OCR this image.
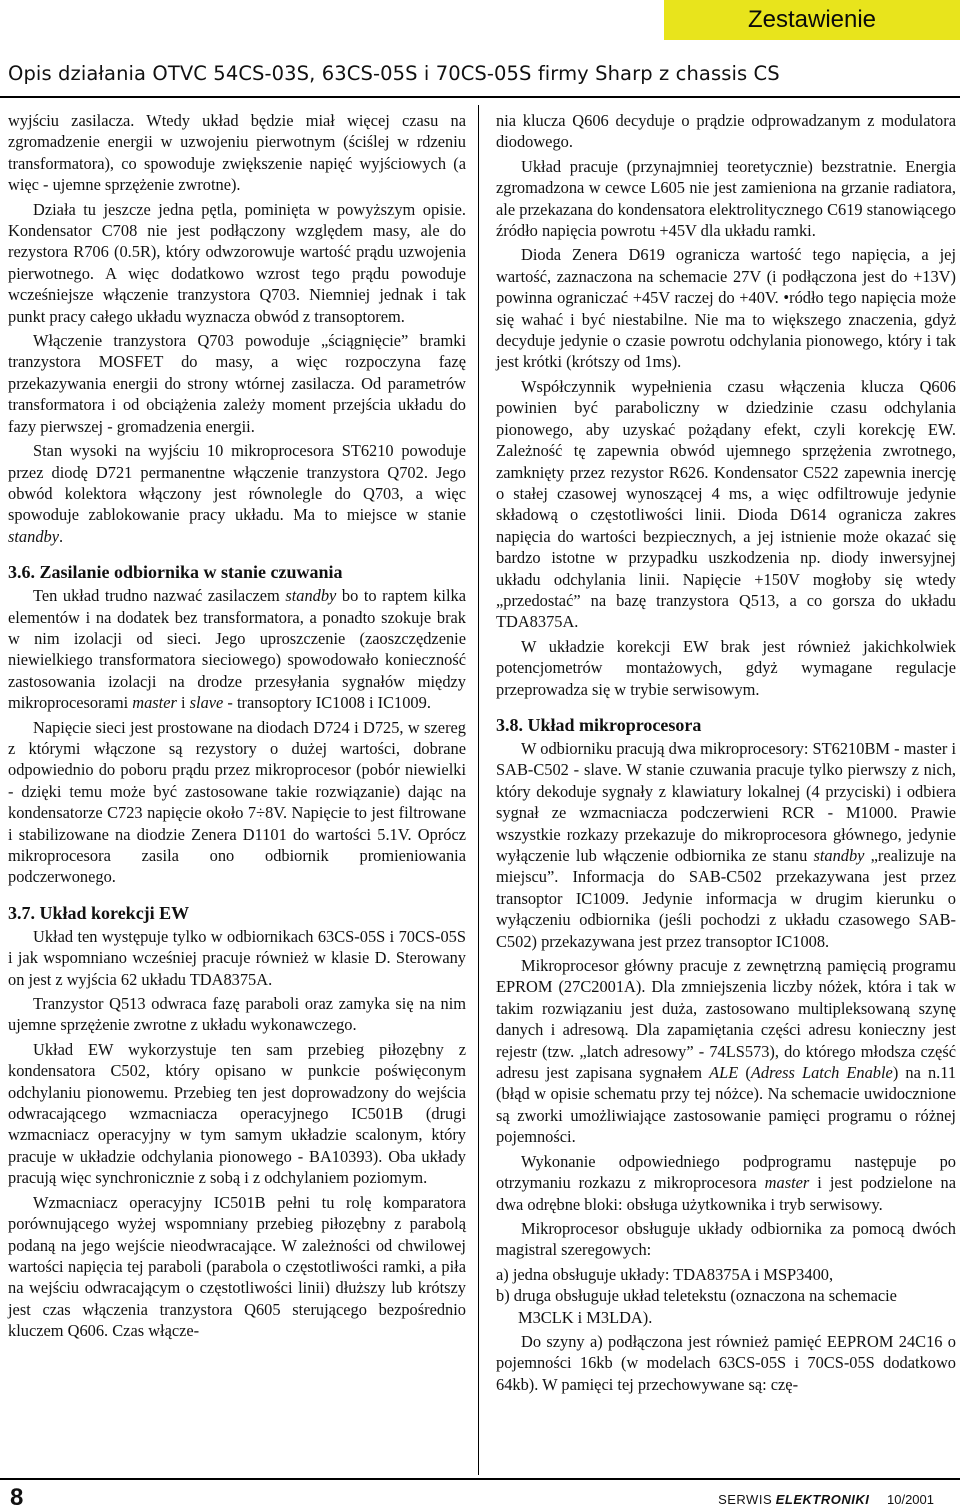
Zestawienie
Opis działania OTVC 54CS-03S, 63CS-05S i 70CS-05S firmy Sharp z chassis CS

wyjściu zasilacza. Wtedy układ będzie miał więcej czasu na zgromadzenie energii w uzwojeniu pierwotnym (ściślej w rdzeniu transformatora), co spowoduje zwiększenie napięć wyjściowych (a więc - ujemne sprzężenie zwrotne).

Działa tu jeszcze jedna pętla, pominięta w powyższym opisie. Kondensator C708 nie jest podłączony względem masy, ale do rezystora R706 (0.5R), który odwzorowuje wartość prądu uzwojenia pierwotnego. A więc dodatkowo wzrost tego prądu powoduje wcześniejsze włączenie tranzystora Q703. Niemniej jednak i tak punkt pracy całego układu wyznacza obwód z transoptorem.

Włączenie tranzystora Q703 powoduje „ściągnięcie” bramki tranzystora MOSFET do masy, a więc rozpoczyna fazę przekazywania energii do strony wtórnej zasilacza. Od parametrów transformatora i od obciążenia zależy moment przejścia układu do fazy pierwszej - gromadzenia energii.

Stan wysoki na wyjściu 10 mikroprocesora ST6210 powoduje przez diodę D721 permanentne włączenie tranzystora Q702. Jego obwód kolektora włączony jest równolegle do Q703, a więc spowoduje zablokowanie pracy układu. Ma to miejsce w stanie standby.

3.6. Zasilanie odbiornika w stanie czuwania

Ten układ trudno nazwać zasilaczem standby bo to raptem kilka elementów i na dodatek bez transformatora, a ponadto szokuje brak w nim izolacji od sieci. Jego uproszczenie (zaoszczędzenie niewielkiego transformatora sieciowego) spowodowało konieczność zastosowania izolacji na drodze przesyłania sygnałów między mikroprocesorami master i slave - transoptory IC1008 i IC1009.

Napięcie sieci jest prostowane na diodach D724 i D725, w szereg z którymi włączone są rezystory o dużej wartości, dobrane odpowiednio do poboru prądu przez mikroprocesor (pobór niewielki - dzięki temu może być zastosowane takie rozwiązanie) dając na kondensatorze C723 napięcie około 7÷8V. Napięcie to jest filtrowane i stabilizowane na diodzie Zenera D1101 do wartości 5.1V. Oprócz mikroprocesora zasila ono odbiornik promieniowania podczerwonego.

3.7. Układ korekcji EW

Układ ten występuje tylko w odbiornikach 63CS-05S i 70CS-05S i jak wspomniano wcześniej pracuje również w klasie D. Sterowany on jest z wyjścia 62 układu TDA8375A.

Tranzystor Q513 odwraca fazę paraboli oraz zamyka się na nim ujemne sprzężenie zwrotne z układu wykonawczego.

Układ EW wykorzystuje ten sam przebieg piłozębny z kondensatora C502, który opisano w punkcie poświęconym odchylaniu pionowemu. Przebieg ten jest doprowadzony do wejścia odwracającego wzmacniacza operacyjnego IC501B (drugi wzmacniacz operacyjny w tym samym układzie scalonym, który pracuje w układzie odchylania pionowego - BA10393). Oba układy pracują więc synchronicznie z sobą i z odchylaniem poziomym.

Wzmacniacz operacyjny IC501B pełni tu rolę komparatora porównującego wyżej wspomniany przebieg piłozębny z parabolą podaną na jego wejście nieodwracające. W zależności od chwilowej wartości napięcia tej paraboli (parabola o częstotliwości ramki, a piła na wejściu odwracającym o częstotliwości linii) dłuższy lub krótszy jest czas włączenia tranzystora Q605 sterującego bezpośrednio kluczem Q606. Czas włącze-

nia klucza Q606 decyduje o prądzie odprowadzanym z modulatora diodowego.

Układ pracuje (przynajmniej teoretycznie) bezstratnie. Energia zgromadzona w cewce L605 nie jest zamieniona na grzanie radiatora, ale przekazana do kondensatora elektrolitycznego C619 stanowiącego źródło napięcia powrotu +45V dla układu ramki.

Dioda Zenera D619 ogranicza wartość tego napięcia, a jej wartość, zaznaczona na schemacie 27V (i podłączona jest do +13V) powinna ograniczać +45V raczej do +40V. •ródło tego napięcia może się wahać i być niestabilne. Nie ma to większego znaczenia, gdyż decyduje jedynie o czasie powrotu odchylania pionowego, który i tak jest krótki (krótszy od 1ms).

Współczynnik wypełnienia czasu włączenia klucza Q606 powinien być paraboliczny w dziedzinie czasu odchylania pionowego, aby uzyskać pożądany efekt, czyli korekcję EW. Zależność tę zapewnia obwód ujemnego sprzężenia zwrotnego, zamknięty przez rezystor R626. Kondensator C522 zapewnia inercję o stałej czasowej wynoszącej 4 ms, a więc odfiltrowuje jedynie składową o częstotliwości linii. Dioda D614 ogranicza zakres napięcia do wartości bezpiecznych, a jej istnienie może okazać się bardzo istotne w przypadku uszkodzenia np. diody inwersyjnej układu odchylania linii. Napięcie +150V mogłoby się wtedy „przedostać” na bazę tranzystora Q513, a co gorsza do układu TDA8375A.

W układzie korekcji EW brak jest również jakichkolwiek potencjometrów montażowych, gdyż wymagane regulacje przeprowadza się w trybie serwisowym.

3.8. Układ mikroprocesora

W odbiorniku pracują dwa mikroprocesory: ST6210BM - master i SAB-C502 - slave. W stanie czuwania pracuje tylko pierwszy z nich, który dekoduje sygnały z klawiatury lokalnej (4 przyciski) i odbiera sygnał ze wzmacniacza podczerwieni RCR - M1000. Prawie wszystkie rozkazy przekazuje do mikroprocesora głównego, jedynie wyłączenie lub włączenie odbiornika ze stanu standby „realizuje na miejscu”. Informacja do SAB-C502 przekazywana jest przez transoptor IC1009. Jedynie informacja w drugim kierunku o wyłączeniu odbiornika (jeśli pochodzi z układu czasowego SAB-C502) przekazywana jest przez transoptor IC1008.

Mikroprocesor główny pracuje z zewnętrzną pamięcią programu EPROM (27C2001A). Dla zmniejszenia liczby nóżek, która i tak w takim rozwiązaniu jest duża, zastosowano multipleksowaną szynę danych i adresową. Dla zapamiętania części adresu konieczny jest rejestr (tzw. „latch adresowy” - 74LS573), do którego młodsza część adresu jest zapisana sygnałem ALE (Adress Latch Enable) na n.11 (błąd w opisie schematu przy tej nóżce). Na schemacie uwidocznione są zworki umożliwiające zastosowanie pamięci programu o różnej pojemności.

Wykonanie odpowiedniego podprogramu następuje po otrzymaniu rozkazu z mikroprocesora master i jest podzielone na dwa odrębne bloki: obsługa użytkownika i tryb serwisowy.

Mikroprocesor obsługuje układy odbiornika za pomocą dwóch magistral szeregowych:

a) jedna obsługuje układy: TDA8375A i MSP3400,

b) druga obsługuje układ teletekstu (oznaczona na schemacie

M3CLK i M3LDA).

Do szyny a) podłączona jest również pamięć EEPROM 24C16 o pojemności 16kb (w modelach 63CS-05S i 70CS-05S dodatkowo 64kb). W pamięci tej przechowywane są: czę-

8	SERWIS ELEKTRONIKI 10/2001
